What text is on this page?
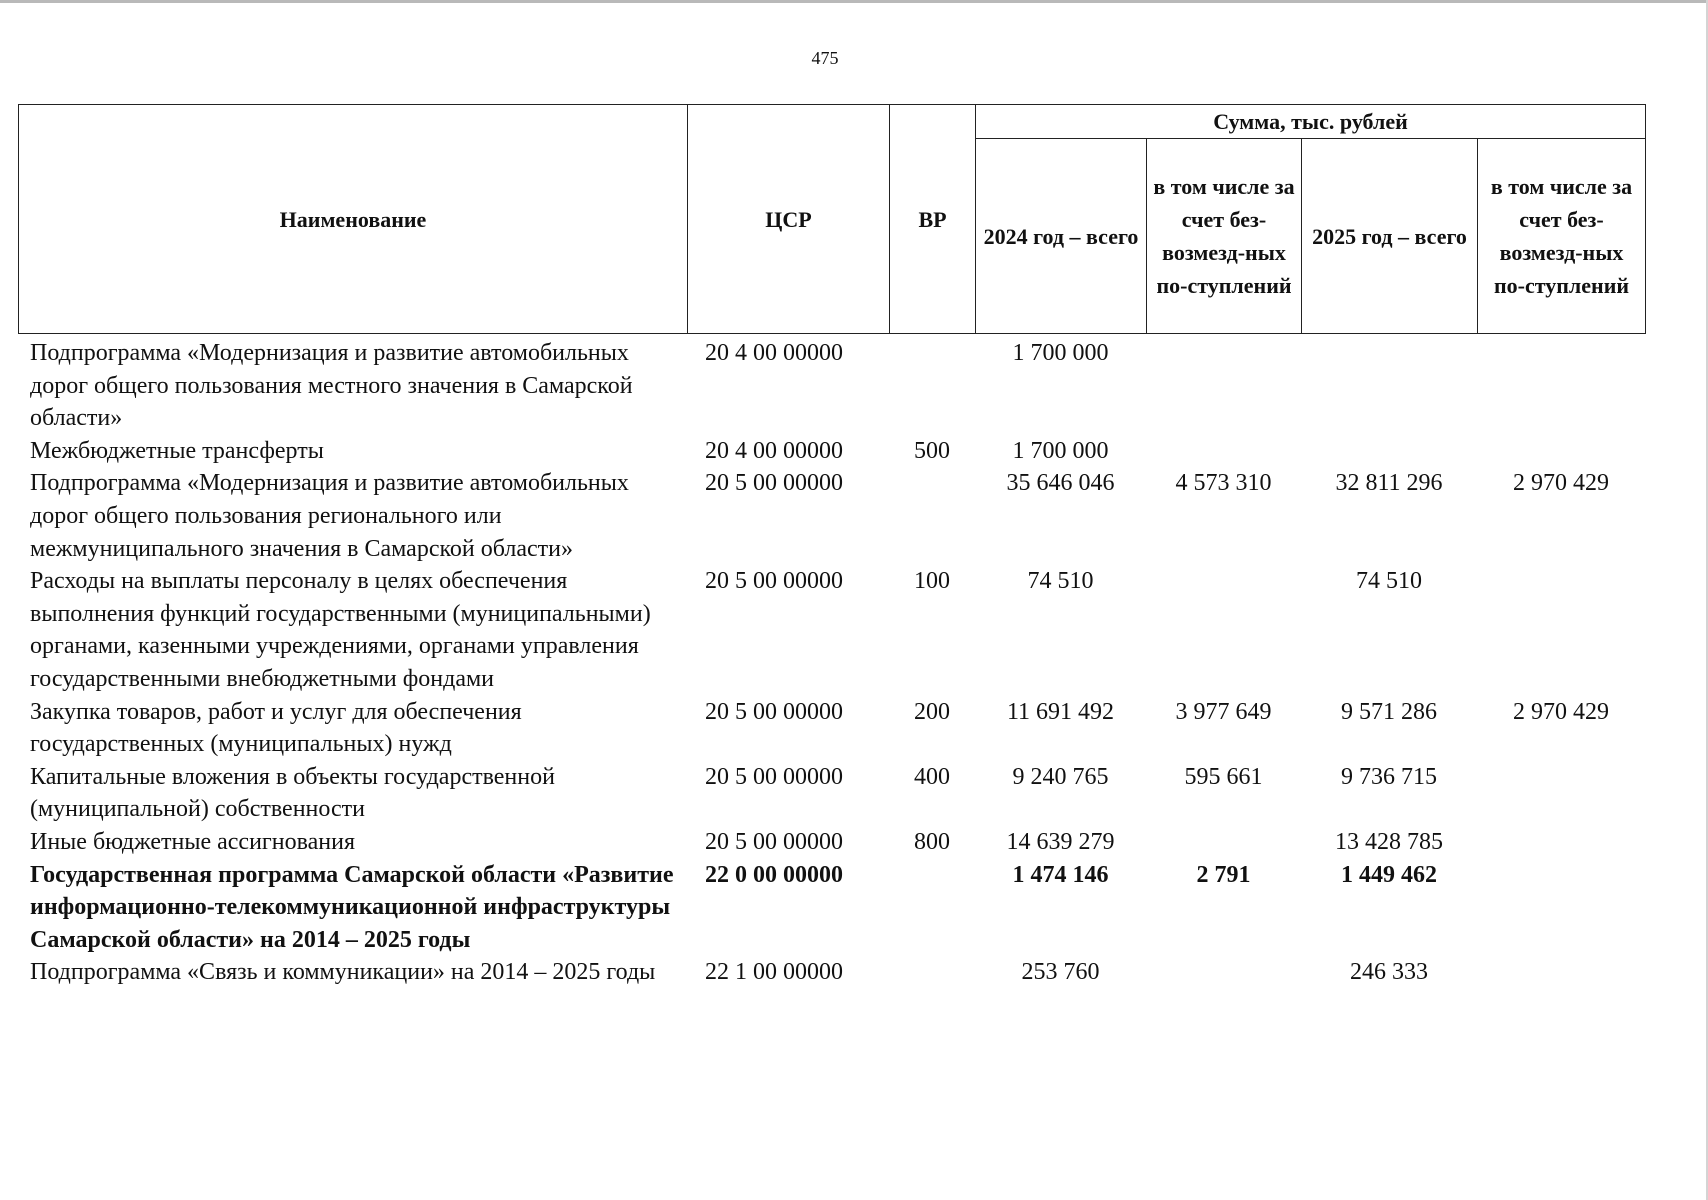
475
Наименование	ЦСР	ВР	Сумма, тыс. рублей			
			2024 год – всего	в том числе за счет без-возмезд-ных по-ступлений	2025 год – всего	в том числе за счет без-возмезд-ных по-ступлений
Подпрограмма «Модернизация и развитие автомобильных дорог общего пользования местного значения в Самарской области»	20 4 00 00000		1 700 000			
Межбюджетные трансферты	20 4 00 00000	500	1 700 000			
Подпрограмма «Модернизация и развитие автомобильных дорог общего пользования регионального или межмуниципального значения в Самарской области»	20 5 00 00000		35 646 046	4 573 310	32 811 296	2 970 429
Расходы на выплаты персоналу в целях обеспечения выполнения функций государственными (муниципальными) органами, казенными учреждениями, органами управления государственными внебюджетными фондами	20 5 00 00000	100	74 510		74 510	
Закупка товаров, работ и услуг для обеспечения государственных (муниципальных) нужд	20 5 00 00000	200	11 691 492	3 977 649	9 571 286	2 970 429
Капитальные вложения в объекты государственной (муниципальной) собственности	20 5 00 00000	400	9 240 765	595 661	9 736 715	
Иные бюджетные ассигнования	20 5 00 00000	800	14 639 279		13 428 785	
Государственная программа Самарской области «Развитие информационно-телекоммуникационной инфраструктуры Самарской области» на 2014 – 2025 годы	22 0 00 00000		1 474 146	2 791	1 449 462	
Подпрограмма «Связь и коммуникации» на 2014 – 2025 годы	22 1 00 00000		253 760		246 333	
